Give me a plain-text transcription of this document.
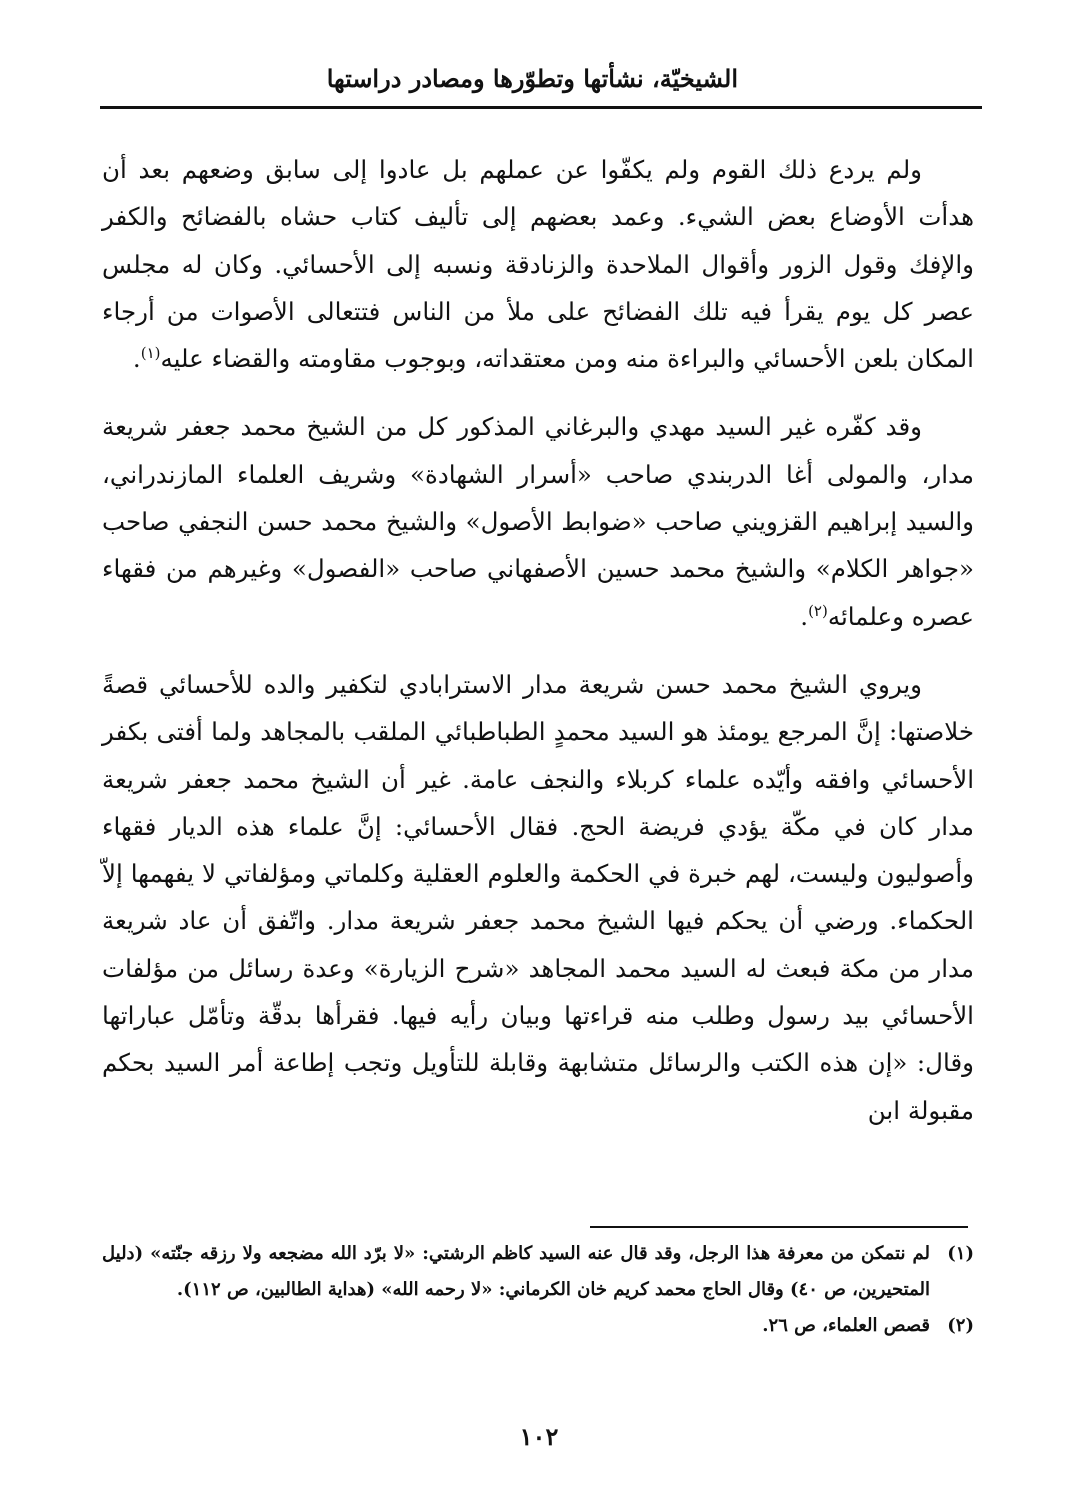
الشيخيّة، نشأتها وتطوّرها ومصادر دراستها

ولم يردع ذلك القوم ولم يكفّوا عن عملهم بل عادوا إلى سابق وضعهم بعد أن هدأت الأوضاع بعض الشيء. وعمد بعضهم إلى تأليف كتاب حشاه بالفضائح والكفر والإفك وقول الزور وأقوال الملاحدة والزنادقة ونسبه إلى الأحسائي. وكان له مجلس عصر كل يوم يقرأ فيه تلك الفضائح على ملأ من الناس فتتعالى الأصوات من أرجاء المكان بلعن الأحسائي والبراءة منه ومن معتقداته، وبوجوب مقاومته والقضاء عليه$^{(١)}$.

وقد كفّره غير السيد مهدي والبرغاني المذكور كل من الشيخ محمد جعفر شريعة مدار، والمولى أغا الدربندي صاحب «أسرار الشهادة» وشريف العلماء المازندراني، والسيد إبراهيم القزويني صاحب «ضوابط الأصول» والشيخ محمد حسن النجفي صاحب «جواهر الكلام» والشيخ محمد حسين الأصفهاني صاحب «الفصول» وغيرهم من فقهاء عصره وعلمائه$^{(٢)}$.

ويروي الشيخ محمد حسن شريعة مدار الاسترابادي لتكفير والده للأحسائي قصةً خلاصتها: إنَّ المرجع يومئذ هو السيد محمدٍ الطباطبائي الملقب بالمجاهد ولما أفتى بكفر الأحسائي وافقه وأيّده علماء كربلاء والنجف عامة. غير أن الشيخ محمد جعفر شريعة مدار كان في مكّة يؤدي فريضة الحج. فقال الأحسائي: إنَّ علماء هذه الديار فقهاء وأصوليون وليست، لهم خبرة في الحكمة والعلوم العقلية وكلماتي ومؤلفاتي لا يفهمها إلاّ الحكماء. ورضي أن يحكم فيها الشيخ محمد جعفر شريعة مدار. واتّفق أن عاد شريعة مدار من مكة فبعث له السيد محمد المجاهد «شرح الزيارة» وعدة رسائل من مؤلفات الأحسائي بيد رسول وطلب منه قراءتها وبيان رأيه فيها. فقرأها بدقّة وتأمّل عباراتها وقال: «إن هذه الكتب والرسائل متشابهة وقابلة للتأويل وتجب إطاعة أمر السيد بحكم مقبولة ابن

(١)
لم نتمكن من معرفة هذا الرجل، وقد قال عنه السيد كاظم الرشتي: «لا برّد الله مضجعه ولا رزقه جنّته» (دليل المتحيرين، ص ٤٠) وقال الحاج محمد كريم خان الكرماني: «لا رحمه الله» (هداية الطالبين، ص ١١٢).

(٢)
قصص العلماء، ص ٢٦.

١٠٢
